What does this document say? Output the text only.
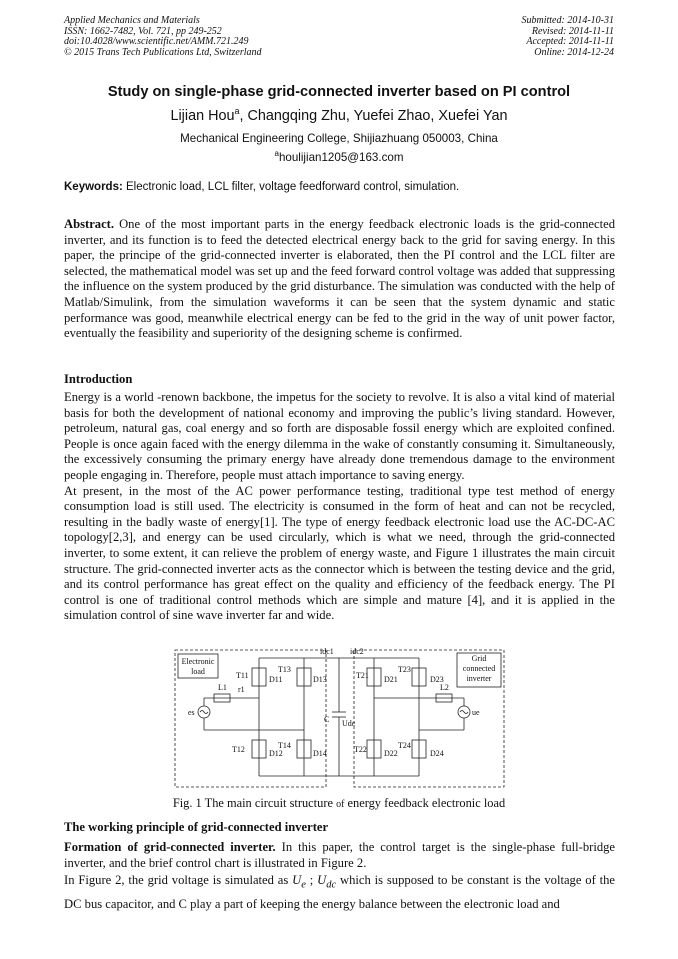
Applied Mechanics and Materials
ISSN: 1662-7482, Vol. 721, pp 249-252
doi:10.4028/www.scientific.net/AMM.721.249
© 2015 Trans Tech Publications Ltd, Switzerland
Submitted: 2014-10-31
Revised: 2014-11-11
Accepted: 2014-11-11
Online: 2014-12-24
Study on single-phase grid-connected inverter based on PI control
Lijian Hou$^a$, Changqing Zhu, Yuefei Zhao, Xuefei Yan
Mechanical Engineering College, Shijiazhuang 050003, China
$^a$houlijian1205@163.com
Keywords: Electronic load, LCL filter, voltage feedforward control, simulation.
Abstract. One of the most important parts in the energy feedback electronic loads is the grid-connected inverter, and its function is to feed the detected electrical energy back to the grid for saving energy. In this paper, the principe of the grid-connected inverter is elaborated, then the PI control and the LCL filter are selected, the mathematical model was set up and the feed forward control voltage was added that suppressing the influence on the system produced by the grid disturbance. The simulation was conducted with the help of Matlab/Simulink, from the simulation waveforms it can be seen that the system dynamic and static performance was good, meanwhile electrical energy can be fed to the grid in the way of unit power factor, eventually the feasibility and superiority of the designing scheme is confirmed.
Introduction

Energy is a world -renown backbone, the impetus for the society to revolve. It is also a vital kind of material basis for both the development of national economy and improving the public’s living standard. However, petroleum, natural gas, coal energy and so forth are disposable fossil energy which are exploited confined. People is once again faced with the energy dilemma in the wake of constantly consuming it. Simultaneously, the excessively consuming the primary energy have already done tremendous damage to the environment people engaging in. Therefore, people must attach importance to saving energy.

At present, in the most of the AC power performance testing, traditional type test method of energy consumption load is still used. The electricity is consumed in the form of heat and can not be recycled, resulting in the badly waste of energy[1]. The type of energy feedback electronic load use the AC-DC-AC topology[2,3], and energy can be used circularly, which is what we need, through the grid-connected inverter, to some extent, it can relieve the problem of energy waste, and Figure 1 illustrates the main circuit structure. The grid-connected inverter acts as the connector which is between the testing device and the grid, and its control performance has great effect on the quality and efficiency of the feedback energy. The PI control is one of traditional control methods which are simple and mature [4], and it is applied in the simulation control of sine wave inverter far and wide.

Electronic
load
Grid
connected
inverter
T11	D11
T13
D13
T12	D12
T14
D14
T21 D21
T23
D23
T22 D22
T24
D24
L1 r1
es
L2
ue
C Udc
idc1 idc2
Fig. 1 The main circuit structure of energy feedback electronic load
The working principle of grid-connected inverter

Formation of grid-connected inverter. In this paper, the control target is the single-phase full-bridge inverter, and the brief control chart is illustrated in Figure 2.

In Figure 2, the grid voltage is simulated as $U_e$ ; $U_{dc}$ which is supposed to be constant is the voltage of the DC bus capacitor, and C play a part of keeping the energy balance between the electronic load and
